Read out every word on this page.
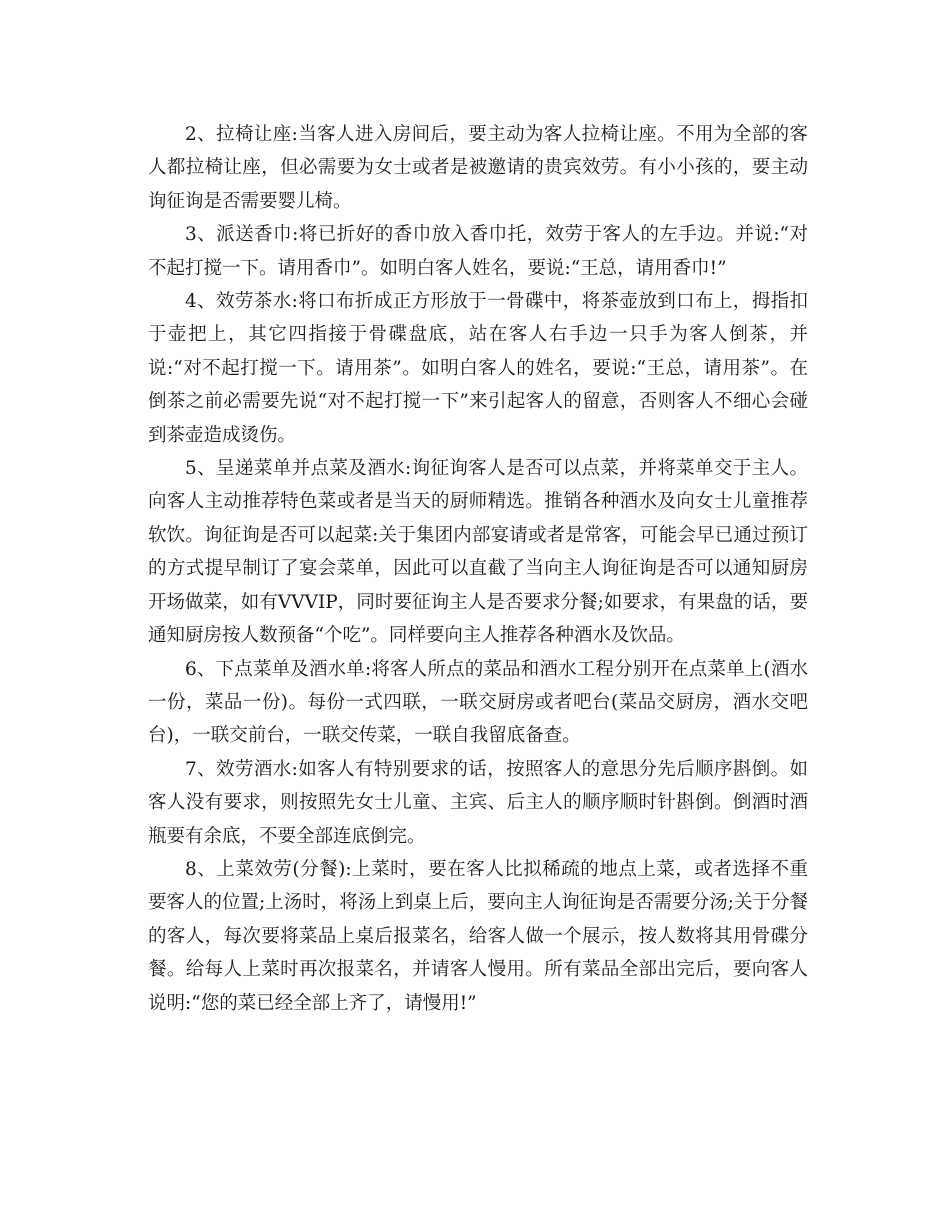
2、拉椅让座:当客人进入房间后，要主动为客人拉椅让座。不用为全部的客人都拉椅让座，但必需要为女士或者是被邀请的贵宾效劳。有小小孩的，要主动询征询是否需要婴儿椅。

3、派送香巾:将已折好的香巾放入香巾托，效劳于客人的左手边。并说:“对不起打搅一下。请用香巾”。如明白客人姓名，要说:“王总，请用香巾!”

4、效劳茶水:将口布折成正方形放于一骨碟中，将茶壶放到口布上，拇指扣于壶把上，其它四指接于骨碟盘底，站在客人右手边一只手为客人倒茶，并说:“对不起打搅一下。请用茶”。如明白客人的姓名，要说:“王总，请用茶”。在倒茶之前必需要先说“对不起打搅一下”来引起客人的留意，否则客人不细心会碰到茶壶造成烫伤。

5、呈递菜单并点菜及酒水:询征询客人是否可以点菜，并将菜单交于主人。向客人主动推荐特色菜或者是当天的厨师精选。推销各种酒水及向女士儿童推荐软饮。询征询是否可以起菜:关于集团内部宴请或者是常客，可能会早已通过预订的方式提早制订了宴会菜单，因此可以直截了当向主人询征询是否可以通知厨房开场做菜，如有VVVIP，同时要征询主人是否要求分餐;如要求，有果盘的话，要通知厨房按人数预备“个吃”。同样要向主人推荐各种酒水及饮品。

6、下点菜单及酒水单:将客人所点的菜品和酒水工程分别开在点菜单上(酒水一份，菜品一份)。每份一式四联，一联交厨房或者吧台(菜品交厨房，酒水交吧台)，一联交前台，一联交传菜，一联自我留底备查。

7、效劳酒水:如客人有特别要求的话，按照客人的意思分先后顺序斟倒。如客人没有要求，则按照先女士儿童、主宾、后主人的顺序顺时针斟倒。倒酒时酒瓶要有余底，不要全部连底倒完。

8、上菜效劳(分餐):上菜时，要在客人比拟稀疏的地点上菜，或者选择不重要客人的位置;上汤时，将汤上到桌上后，要向主人询征询是否需要分汤;关于分餐的客人，每次要将菜品上桌后报菜名，给客人做一个展示，按人数将其用骨碟分餐。给每人上菜时再次报菜名，并请客人慢用。所有菜品全部出完后，要向客人说明:“您的菜已经全部上齐了，请慢用!”
